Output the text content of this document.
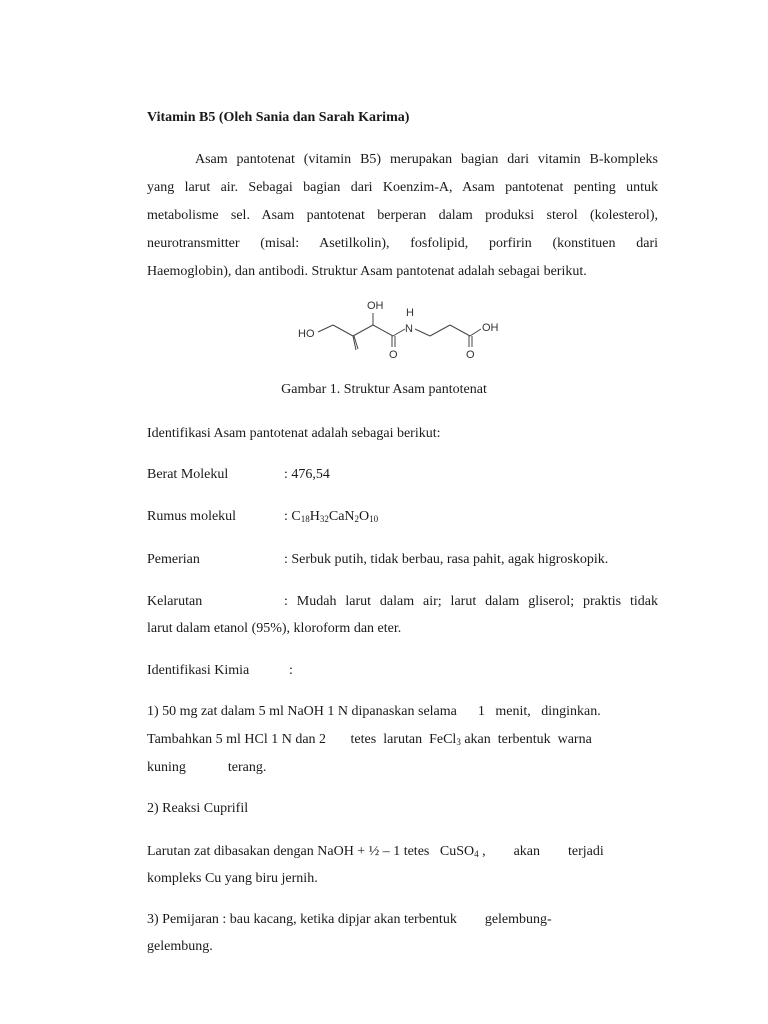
Vitamin B5 (Oleh Sania dan Sarah Karima)
Asam pantotenat (vitamin B5) merupakan bagian dari vitamin B-kompleks
yang larut air. Sebagai bagian dari Koenzim-A, Asam pantotenat penting untuk
metabolisme sel. Asam pantotenat berperan dalam produksi sterol (kolesterol),
neurotransmitter (misal: Asetilkolin), fosfolipid, porfirin (konstituen dari
Haemoglobin), dan antibodi. Struktur Asam pantotenat adalah sebagai berikut.
HO
OH
H
N
O
OH
O
Gambar 1. Struktur Asam pantotenat
Identifikasi Asam pantotenat adalah sebagai berikut:
Berat Molekul	: 476,54
Rumus molekul	: $C_{18}H_{32}CaN_2O_{10}$
Pemerian	: Serbuk putih, tidak berbau, rasa pahit, agak higroskopik.
Kelarutan	: Mudah larut dalam air; larut dalam gliserol; praktis tidak
larut dalam etanol (95%), kloroform dan eter.
Identifikasi Kimia	:
1) 50 mg zat dalam 5 ml NaOH 1 N dipanaskan selama      1   menit,   dinginkan.
Tambahkan 5 ml HCl 1 N dan 2       tetes  larutan  FeCl$_3$ akan  terbentuk  warna
kuning            terang.
2) Reaksi Cuprifil
Larutan zat dibasakan dengan NaOH + ½ – 1 tetes   CuSO$_4$ ,        akan        terjadi
kompleks Cu yang biru jernih.
3) Pemijaran : bau kacang, ketika dipjar akan terbentuk        gelembung-
gelembung.
